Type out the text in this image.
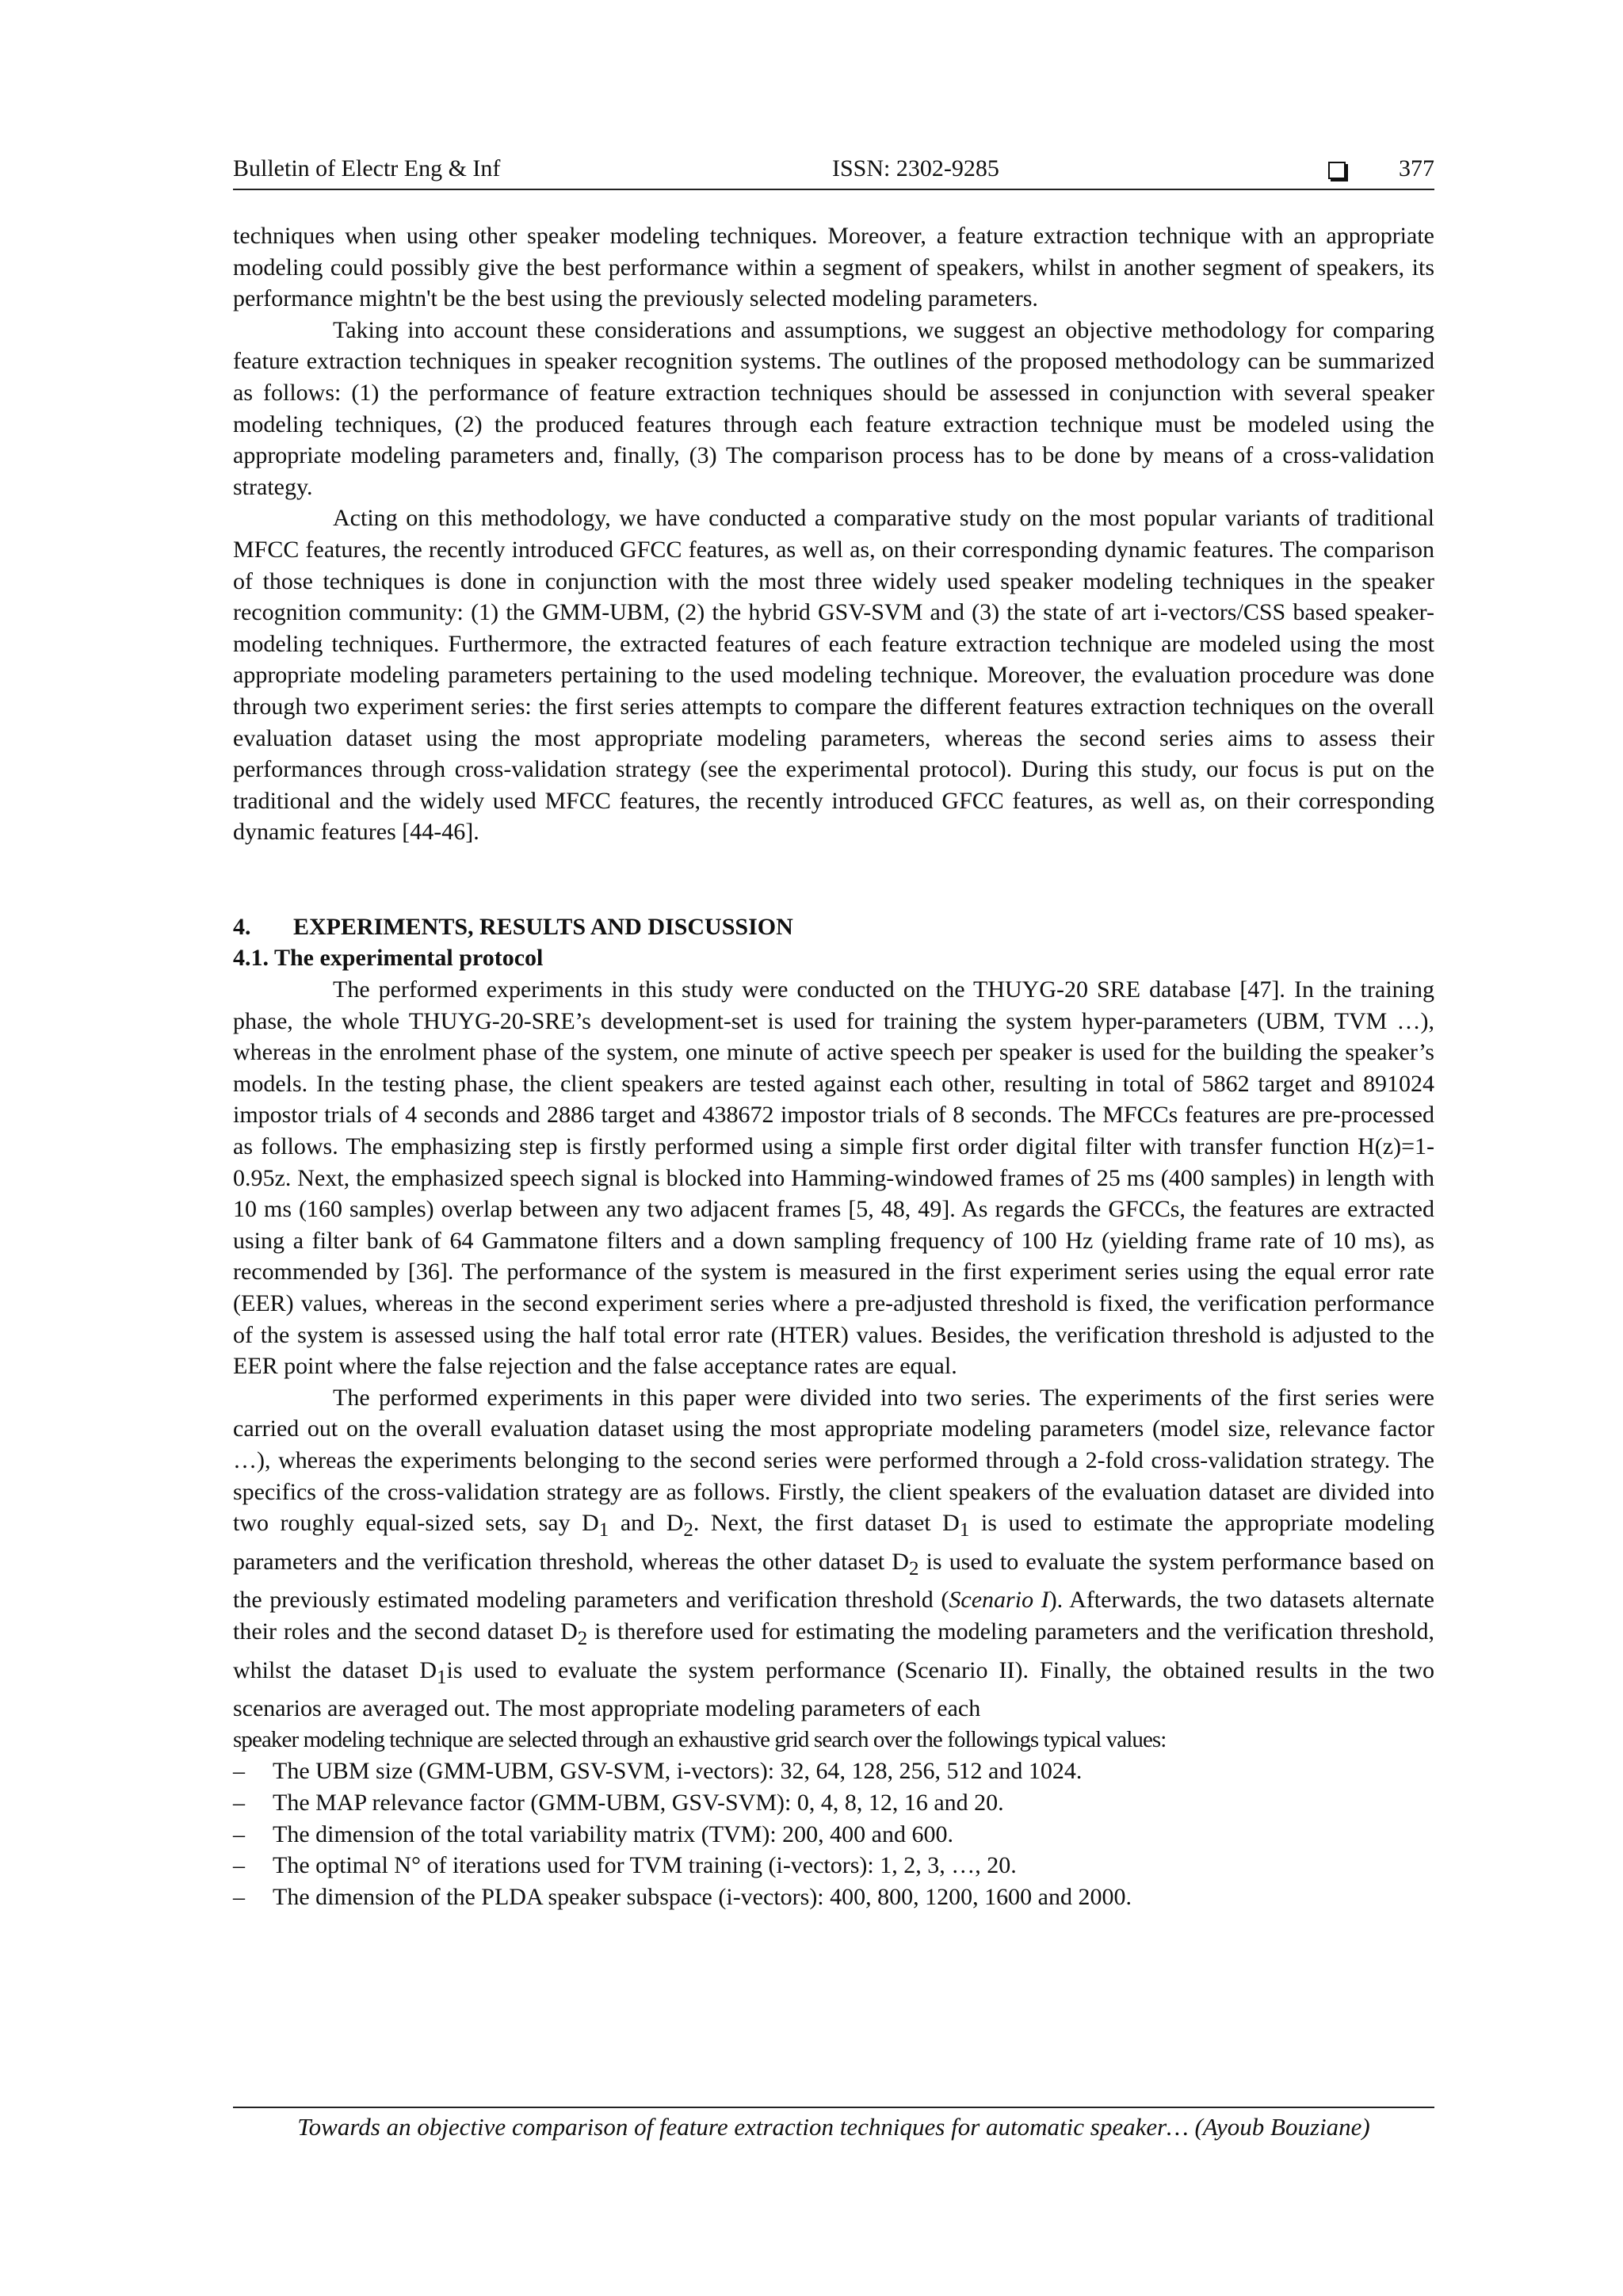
Bulletin of Electr Eng & Inf	ISSN: 2302-9285	377

techniques when using other speaker modeling techniques. Moreover, a feature extraction technique with an appropriate modeling could possibly give the best performance within a segment of speakers, whilst in another segment of speakers, its performance mightn't be the best using the previously selected modeling parameters.

Taking into account these considerations and assumptions, we suggest an objective methodology for comparing feature extraction techniques in speaker recognition systems. The outlines of the proposed methodology can be summarized as follows: (1) the performance of feature extraction techniques should be assessed in conjunction with several speaker modeling techniques, (2) the produced features through each feature extraction technique must be modeled using the appropriate modeling parameters and, finally, (3) The comparison process has to be done by means of a cross-validation strategy.

Acting on this methodology, we have conducted a comparative study on the most popular variants of traditional MFCC features, the recently introduced GFCC features, as well as, on their corresponding dynamic features. The comparison of those techniques is done in conjunction with the most three widely used speaker modeling techniques in the speaker recognition community: (1) the GMM-UBM, (2) the hybrid GSV-SVM and (3) the state of art i-vectors/CSS based speaker-modeling techniques. Furthermore, the extracted features of each feature extraction technique are modeled using the most appropriate modeling parameters pertaining to the used modeling technique. Moreover, the evaluation procedure was done through two experiment series: the first series attempts to compare the different features extraction techniques on the overall evaluation dataset using the most appropriate modeling parameters, whereas the second series aims to assess their performances through cross-validation strategy (see the experimental protocol). During this study, our focus is put on the traditional and the widely used MFCC features, the recently introduced GFCC features, as well as, on their corresponding dynamic features [44-46].

4. EXPERIMENTS, RESULTS AND DISCUSSION
4.1. The experimental protocol

The performed experiments in this study were conducted on the THUYG-20 SRE database [47]. In the training phase, the whole THUYG-20-SRE’s development-set is used for training the system hyper-parameters (UBM, TVM …), whereas in the enrolment phase of the system, one minute of active speech per speaker is used for the building the speaker’s models. In the testing phase, the client speakers are tested against each other, resulting in total of 5862 target and 891024 impostor trials of 4 seconds and 2886 target and 438672 impostor trials of 8 seconds. The MFCCs features are pre-processed as follows. The emphasizing step is firstly performed using a simple first order digital filter with transfer function H(z)=1-0.95z. Next, the emphasized speech signal is blocked into Hamming-windowed frames of 25 ms (400 samples) in length with 10 ms (160 samples) overlap between any two adjacent frames [5, 48, 49]. As regards the GFCCs, the features are extracted using a filter bank of 64 Gammatone filters and a down sampling frequency of 100 Hz (yielding frame rate of 10 ms), as recommended by [36]. The performance of the system is measured in the first experiment series using the equal error rate (EER) values, whereas in the second experiment series where a pre-adjusted threshold is fixed, the verification performance of the system is assessed using the half total error rate (HTER) values. Besides, the verification threshold is adjusted to the EER point where the false rejection and the false acceptance rates are equal.

The performed experiments in this paper were divided into two series. The experiments of the first series were carried out on the overall evaluation dataset using the most appropriate modeling parameters (model size, relevance factor …), whereas the experiments belonging to the second series were performed through a 2-fold cross-validation strategy. The specifics of the cross-validation strategy are as follows. Firstly, the client speakers of the evaluation dataset are divided into two roughly equal-sized sets, say $D_1$ and $D_2$. Next, the first dataset $D_1$ is used to estimate the appropriate modeling parameters and the verification threshold, whereas the other dataset $D_2$ is used to evaluate the system performance based on the previously estimated modeling parameters and verification threshold (Scenario I). Afterwards, the two datasets alternate their roles and the second dataset $D_2$ is therefore used for estimating the modeling parameters and the verification threshold, whilst the dataset $D_1is$ used to evaluate the system performance (Scenario II). Finally, the obtained results in the two scenarios are averaged out. The most appropriate modeling parameters of each

speaker modeling technique are selected through an exhaustive grid search over the followings typical values:

– The UBM size (GMM-UBM, GSV-SVM, i-vectors): 32, 64, 128, 256, 512 and 1024.
– The MAP relevance factor (GMM-UBM, GSV-SVM): 0, 4, 8, 12, 16 and 20.
– The dimension of the total variability matrix (TVM): 200, 400 and 600.
– The optimal N° of iterations used for TVM training (i-vectors): 1, 2, 3, …, 20.
– The dimension of the PLDA speaker subspace (i-vectors): 400, 800, 1200, 1600 and 2000.
Towards an objective comparison of feature extraction techniques for automatic speaker… (Ayoub Bouziane)
